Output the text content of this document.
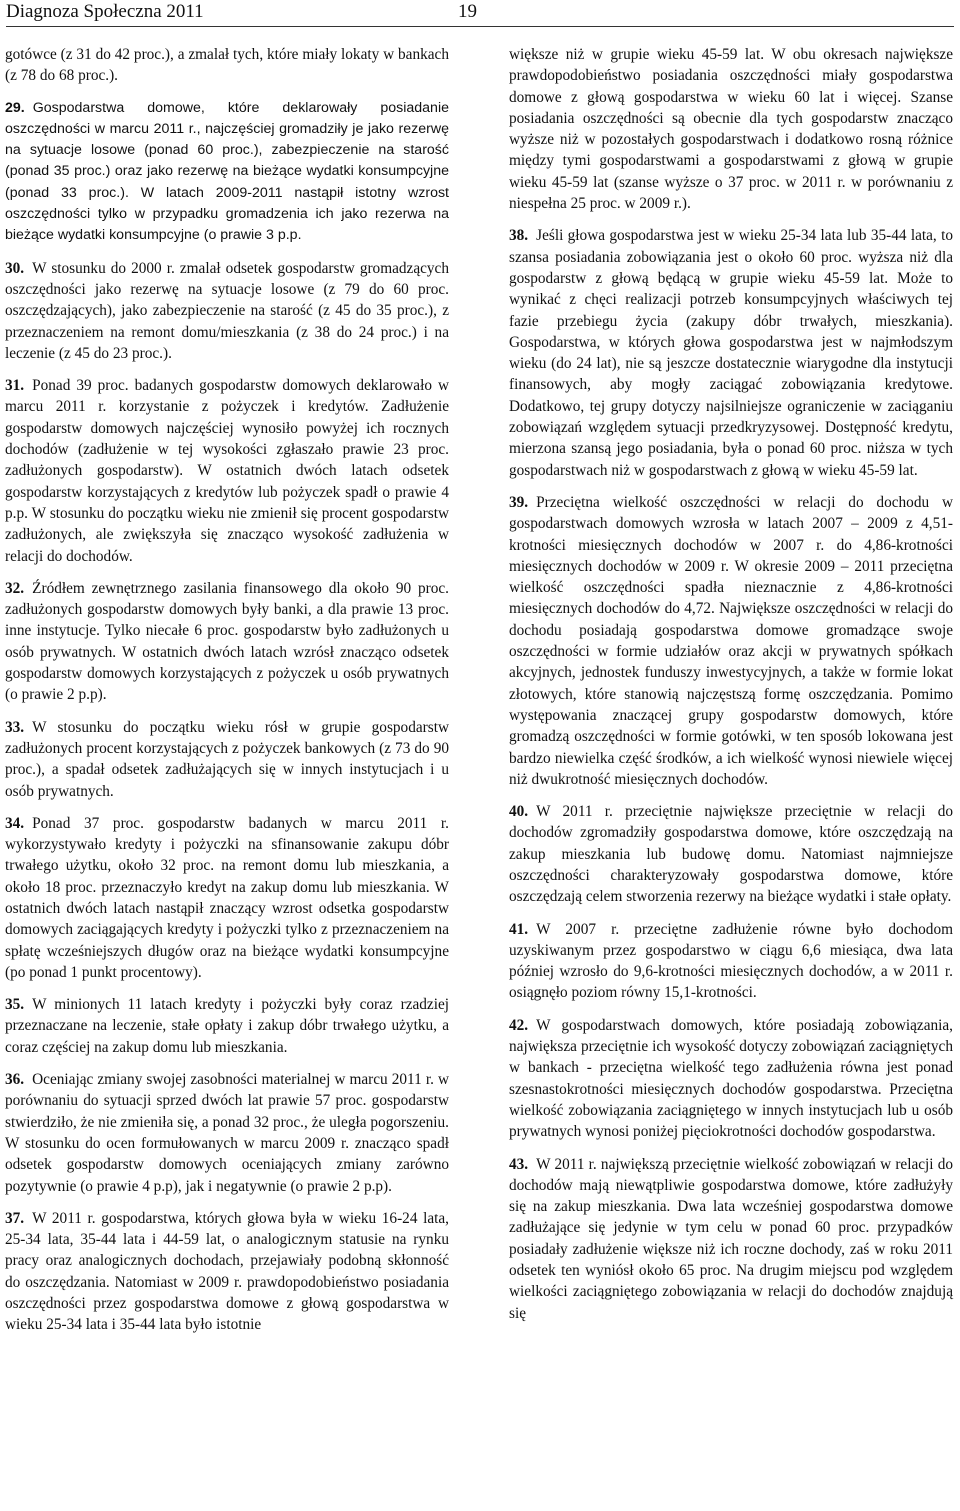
Diagnoza Społeczna 2011	19

gotówce (z 31 do 42 proc.), a zmalał tych, które miały lokaty w bankach (z 78 do 68 proc.).

29. Gospodarstwa domowe, które deklarowały posiadanie oszczędności w marcu 2011 r., najczęściej gromadziły je jako rezerwę na sytuacje losowe (ponad 60 proc.), zabezpieczenie na starość (ponad 35 proc.) oraz jako rezerwę na bieżące wydatki konsumpcyjne (ponad 33 proc.). W latach 2009-2011 nastąpił istotny wzrost oszczędności tylko w przypadku gromadzenia ich jako rezerwa na bieżące wydatki konsumpcyjne (o prawie 3 p.p.

30. W stosunku do 2000 r. zmalał odsetek gospodarstw gromadzących oszczędności jako rezerwę na sytuacje losowe (z 79 do 60 proc. oszczędzających), jako zabezpieczenie na starość (z 45 do 35 proc.), z przeznaczeniem na remont domu/mieszkania (z 38 do 24 proc.) i na leczenie (z 45 do 23 proc.).

31. Ponad 39 proc. badanych gospodarstw domowych deklarowało w marcu 2011 r. korzystanie z pożyczek i kredytów. Zadłużenie gospodarstw domowych najczęściej wynosiło powyżej ich rocznych dochodów (zadłużenie w tej wysokości zgłaszało prawie 23 proc. zadłużonych gospodarstw). W ostatnich dwóch latach odsetek gospodarstw korzystających z kredytów lub pożyczek spadł o prawie 4 p.p. W stosunku do początku wieku nie zmienił się procent gospodarstw zadłużonych, ale zwiększyła się znacząco wysokość zadłużenia w relacji do dochodów.

32. Źródłem zewnętrznego zasilania finansowego dla około 90 proc. zadłużonych gospodarstw domowych były banki, a dla prawie 13 proc. inne instytucje. Tylko niecałe 6 proc. gospodarstw było zadłużonych u osób prywatnych. W ostatnich dwóch latach wzrósł znacząco odsetek gospodarstw domowych korzystających z pożyczek u osób prywatnych (o prawie 2 p.p).

33. W stosunku do początku wieku rósł w grupie gospodarstw zadłużonych procent korzystających z pożyczek bankowych (z 73 do 90 proc.), a spadał odsetek zadłużających się w innych instytucjach i u osób prywatnych.

34. Ponad 37 proc. gospodarstw badanych w marcu 2011 r. wykorzystywało kredyty i pożyczki na sfinansowanie zakupu dóbr trwałego użytku, około 32 proc. na remont domu lub mieszkania, a około 18 proc. przeznaczyło kredyt na zakup domu lub mieszkania. W ostatnich dwóch latach nastąpił znaczący wzrost odsetka gospodarstw domowych zaciągających kredyty i pożyczki tylko z przeznaczeniem na spłatę wcześniejszych długów oraz na bieżące wydatki konsumpcyjne (po ponad 1 punkt procentowy).

35. W minionych 11 latach kredyty i pożyczki były coraz rzadziej przeznaczane na leczenie, stałe opłaty i zakup dóbr trwałego użytku, a coraz częściej na zakup domu lub mieszkania.

36. Oceniając zmiany swojej zasobności materialnej w marcu 2011 r. w porównaniu do sytuacji sprzed dwóch lat prawie 57 proc. gospodarstw stwierdziło, że nie zmieniła się, a ponad 32 proc., że uległa pogorszeniu. W stosunku do ocen formułowanych w marcu 2009 r. znacząco spadł odsetek gospodarstw domowych oceniających zmiany zarówno pozytywnie (o prawie 4 p.p), jak i negatywnie (o prawie 2 p.p).

37. W 2011 r. gospodarstwa, których głowa była w wieku 16-24 lata, 25-34 lata, 35-44 lata i 44-59 lat, o analogicznym statusie na rynku pracy oraz analogicznych dochodach, przejawiały podobną skłonność do oszczędzania. Natomiast w 2009 r. prawdopodobieństwo posiadania oszczędności przez gospodarstwa domowe z głową gospodarstwa w wieku 25-34 lata i 35-44 lata było istotnie

większe niż w grupie wieku 45-59 lat. W obu okresach największe prawdopodobieństwo posiadania oszczędności miały gospodarstwa domowe z głową gospodarstwa w wieku 60 lat i więcej. Szanse posiadania oszczędności są obecnie dla tych gospodarstw znacząco wyższe niż w pozostałych gospodarstwach i dodatkowo rosną różnice między tymi gospodarstwami a gospodarstwami z głową w grupie wieku 45-59 lat (szanse wyższe o 37 proc. w 2011 r. w porównaniu z niespełna 25 proc. w 2009 r.).

38. Jeśli głowa gospodarstwa jest w wieku 25-34 lata lub 35-44 lata, to szansa posiadania zobowiązania jest o około 60 proc. wyższa niż dla gospodarstw z głową będącą w grupie wieku 45-59 lat. Może to wynikać z chęci realizacji potrzeb konsumpcyjnych właściwych tej fazie przebiegu życia (zakupy dóbr trwałych, mieszkania). Gospodarstwa, w których głowa gospodarstwa jest w najmłodszym wieku (do 24 lat), nie są jeszcze dostatecznie wiarygodne dla instytucji finansowych, aby mogły zaciągać zobowiązania kredytowe. Dodatkowo, tej grupy dotyczy najsilniejsze ograniczenie w zaciąganiu zobowiązań względem sytuacji przedkryzysowej. Dostępność kredytu, mierzona szansą jego posiadania, była o ponad 60 proc. niższa w tych gospodarstwach niż w gospodarstwach z głową w wieku 45-59 lat.

39. Przeciętna wielkość oszczędności w relacji do dochodu w gospodarstwach domowych wzrosła w latach 2007 – 2009 z 4,51-krotności miesięcznych dochodów w 2007 r. do 4,86-krotności miesięcznych dochodów w 2009 r. W okresie 2009 – 2011 przeciętna wielkość oszczędności spadła nieznacznie z 4,86-krotności miesięcznych dochodów do 4,72. Największe oszczędności w relacji do dochodu posiadają gospodarstwa domowe gromadzące swoje oszczędności w formie udziałów oraz akcji w prywatnych spółkach akcyjnych, jednostek funduszy inwestycyjnych, a także w formie lokat złotowych, które stanowią najczęstszą formę oszczędzania. Pomimo występowania znaczącej grupy gospodarstw domowych, które gromadzą oszczędności w formie gotówki, w ten sposób lokowana jest bardzo niewielka część środków, a ich wielkość wynosi niewiele więcej niż dwukrotność miesięcznych dochodów.

40. W 2011 r. przeciętnie największe przeciętnie w relacji do dochodów zgromadziły gospodarstwa domowe, które oszczędzają na zakup mieszkania lub budowę domu. Natomiast najmniejsze oszczędności charakteryzowały gospodarstwa domowe, które oszczędzają celem stworzenia rezerwy na bieżące wydatki i stałe opłaty.

41. W 2007 r. przeciętne zadłużenie równe było dochodom uzyskiwanym przez gospodarstwo w ciągu 6,6 miesiąca, dwa lata później wzrosło do 9,6-krotności miesięcznych dochodów, a w 2011 r. osiągnęło poziom równy 15,1-krotności.

42. W gospodarstwach domowych, które posiadają zobowiązania, największa przeciętnie ich wysokość dotyczy zobowiązań zaciągniętych w bankach - przeciętna wielkość tego zadłużenia równa jest ponad szesnastokrotności miesięcznych dochodów gospodarstwa. Przeciętna wielkość zobowiązania zaciągniętego w innych instytucjach lub u osób prywatnych wynosi poniżej pięciokrotności dochodów gospodarstwa.

43. W 2011 r. największą przeciętnie wielkość zobowiązań w relacji do dochodów mają niewątpliwie gospodarstwa domowe, które zadłużyły się na zakup mieszkania. Dwa lata wcześniej gospodarstwa domowe zadłużające się jedynie w tym celu w ponad 60 proc. przypadków posiadały zadłużenie większe niż ich roczne dochody, zaś w roku 2011 odsetek ten wyniósł około 65 proc. Na drugim miejscu pod względem wielkości zaciągniętego zobowiązania w relacji do dochodów znajdują się
